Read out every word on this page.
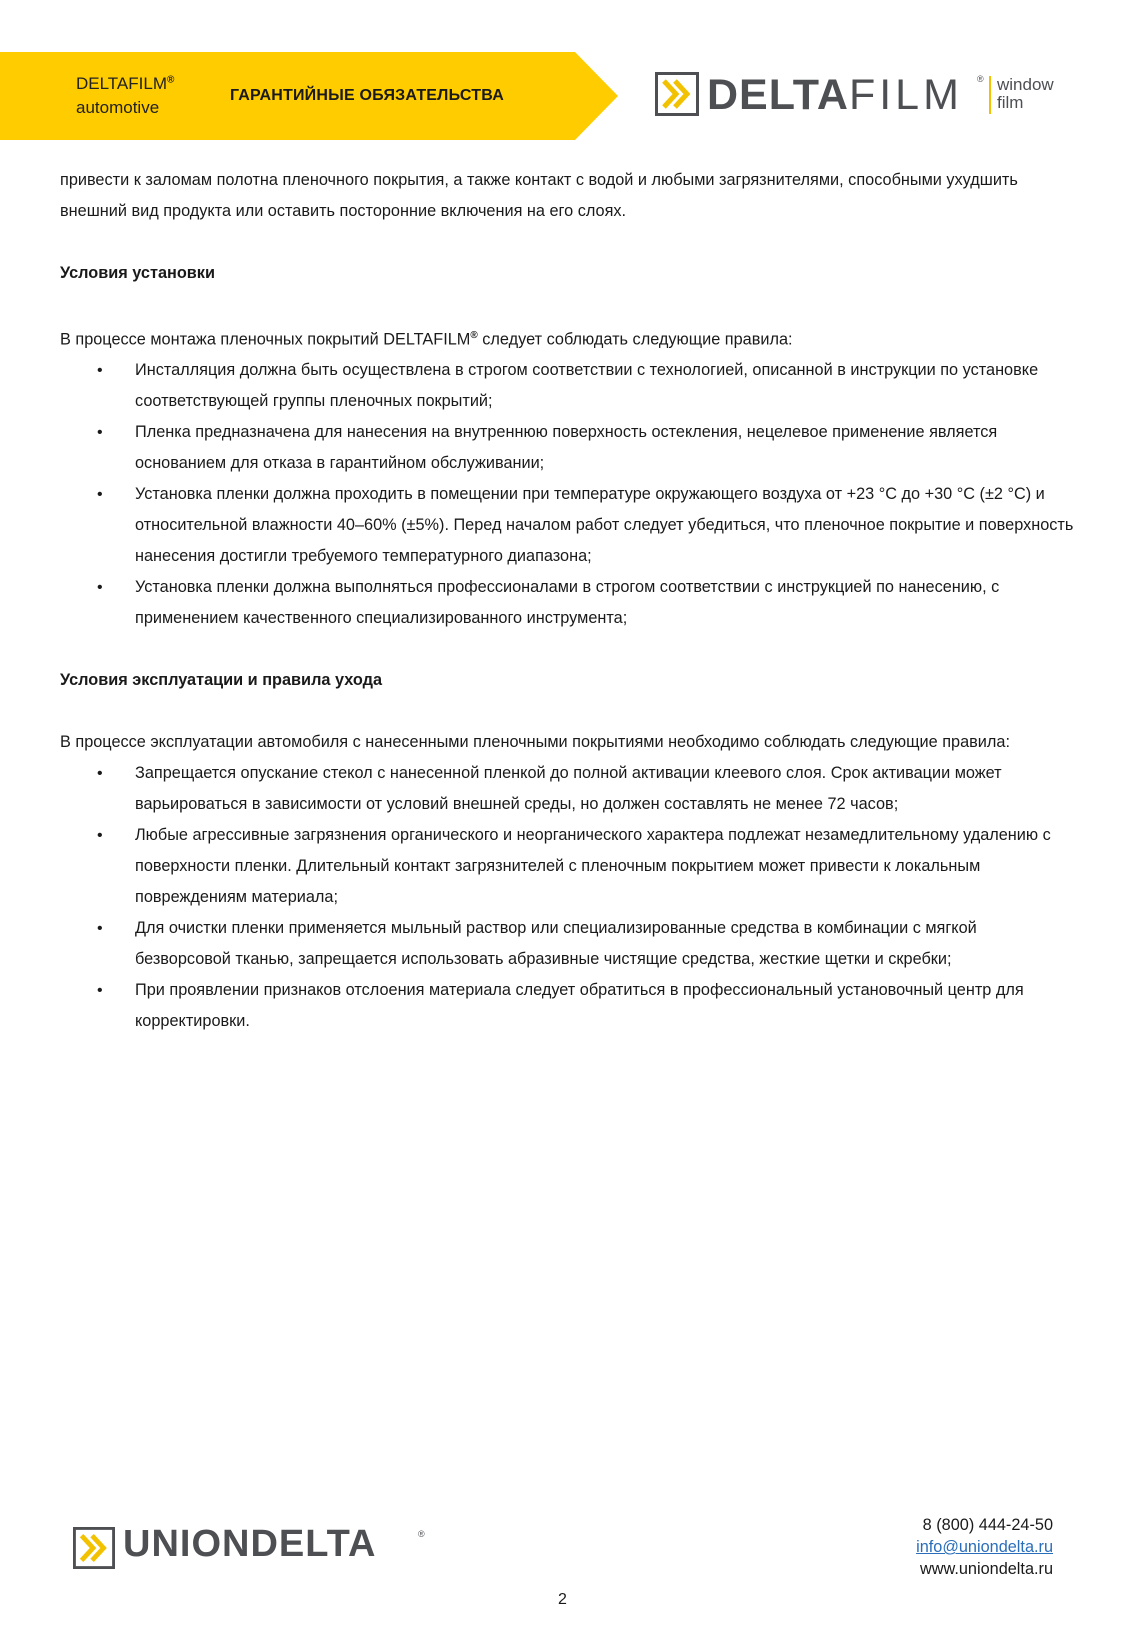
DELTAFILM®
automotive
ГАРАНТИЙНЫЕ ОБЯЗАТЕЛЬСТВА	DELTAFILM ® window
film

привести к заломам полотна пленочного покрытия, а также контакт с водой и любыми загрязнителями, способными ухудшить внешний вид продукта или оставить посторонние включения на его слоях.

Условия установки

В процессе монтажа пленочных покрытий DELTAFILM® следует соблюдать следующие правила:

• Инсталляция должна быть осуществлена в строгом соответствии с технологией, описанной в инструкции по установке соответствующей группы пленочных покрытий;
• Пленка предназначена для нанесения на внутреннюю поверхность остекления, нецелевое применение является основанием для отказа в гарантийном обслуживании;
• Установка пленки должна проходить в помещении при температуре окружающего воздуха от +23 °С до +30 °С (±2 °С) и относительной влажности 40–60% (±5%). Перед началом работ следует убедиться, что пленочное покрытие и поверхность нанесения достигли требуемого температурного диапазона;
• Установка пленки должна выполняться профессионалами в строгом соответствии с инструкцией по нанесению, с применением качественного специализированного инструмента;

Условия эксплуатации и правила ухода

В процессе эксплуатации автомобиля с нанесенными пленочными покрытиями необходимо соблюдать следующие правила:

• Запрещается опускание стекол с нанесенной пленкой до полной активации клеевого слоя. Срок активации может варьироваться в зависимости от условий внешней среды, но должен составлять не менее 72 часов;
• Любые агрессивные загрязнения органического и неорганического характера подлежат незамедлительному удалению с поверхности пленки. Длительный контакт загрязнителей с пленочным покрытием может привести к локальным повреждениям материала;
• Для очистки пленки применяется мыльный раствор или специализированные средства в комбинации с мягкой безворсовой тканью, запрещается использовать абразивные чистящие средства, жесткие щетки и скребки;
• При проявлении признаков отслоения материала следует обратиться в профессиональный установочный центр для корректировки.
UNIONDELTA	®	8 (800) 444-24-50
info@uniondelta.ru
www.uniondelta.ru
2
